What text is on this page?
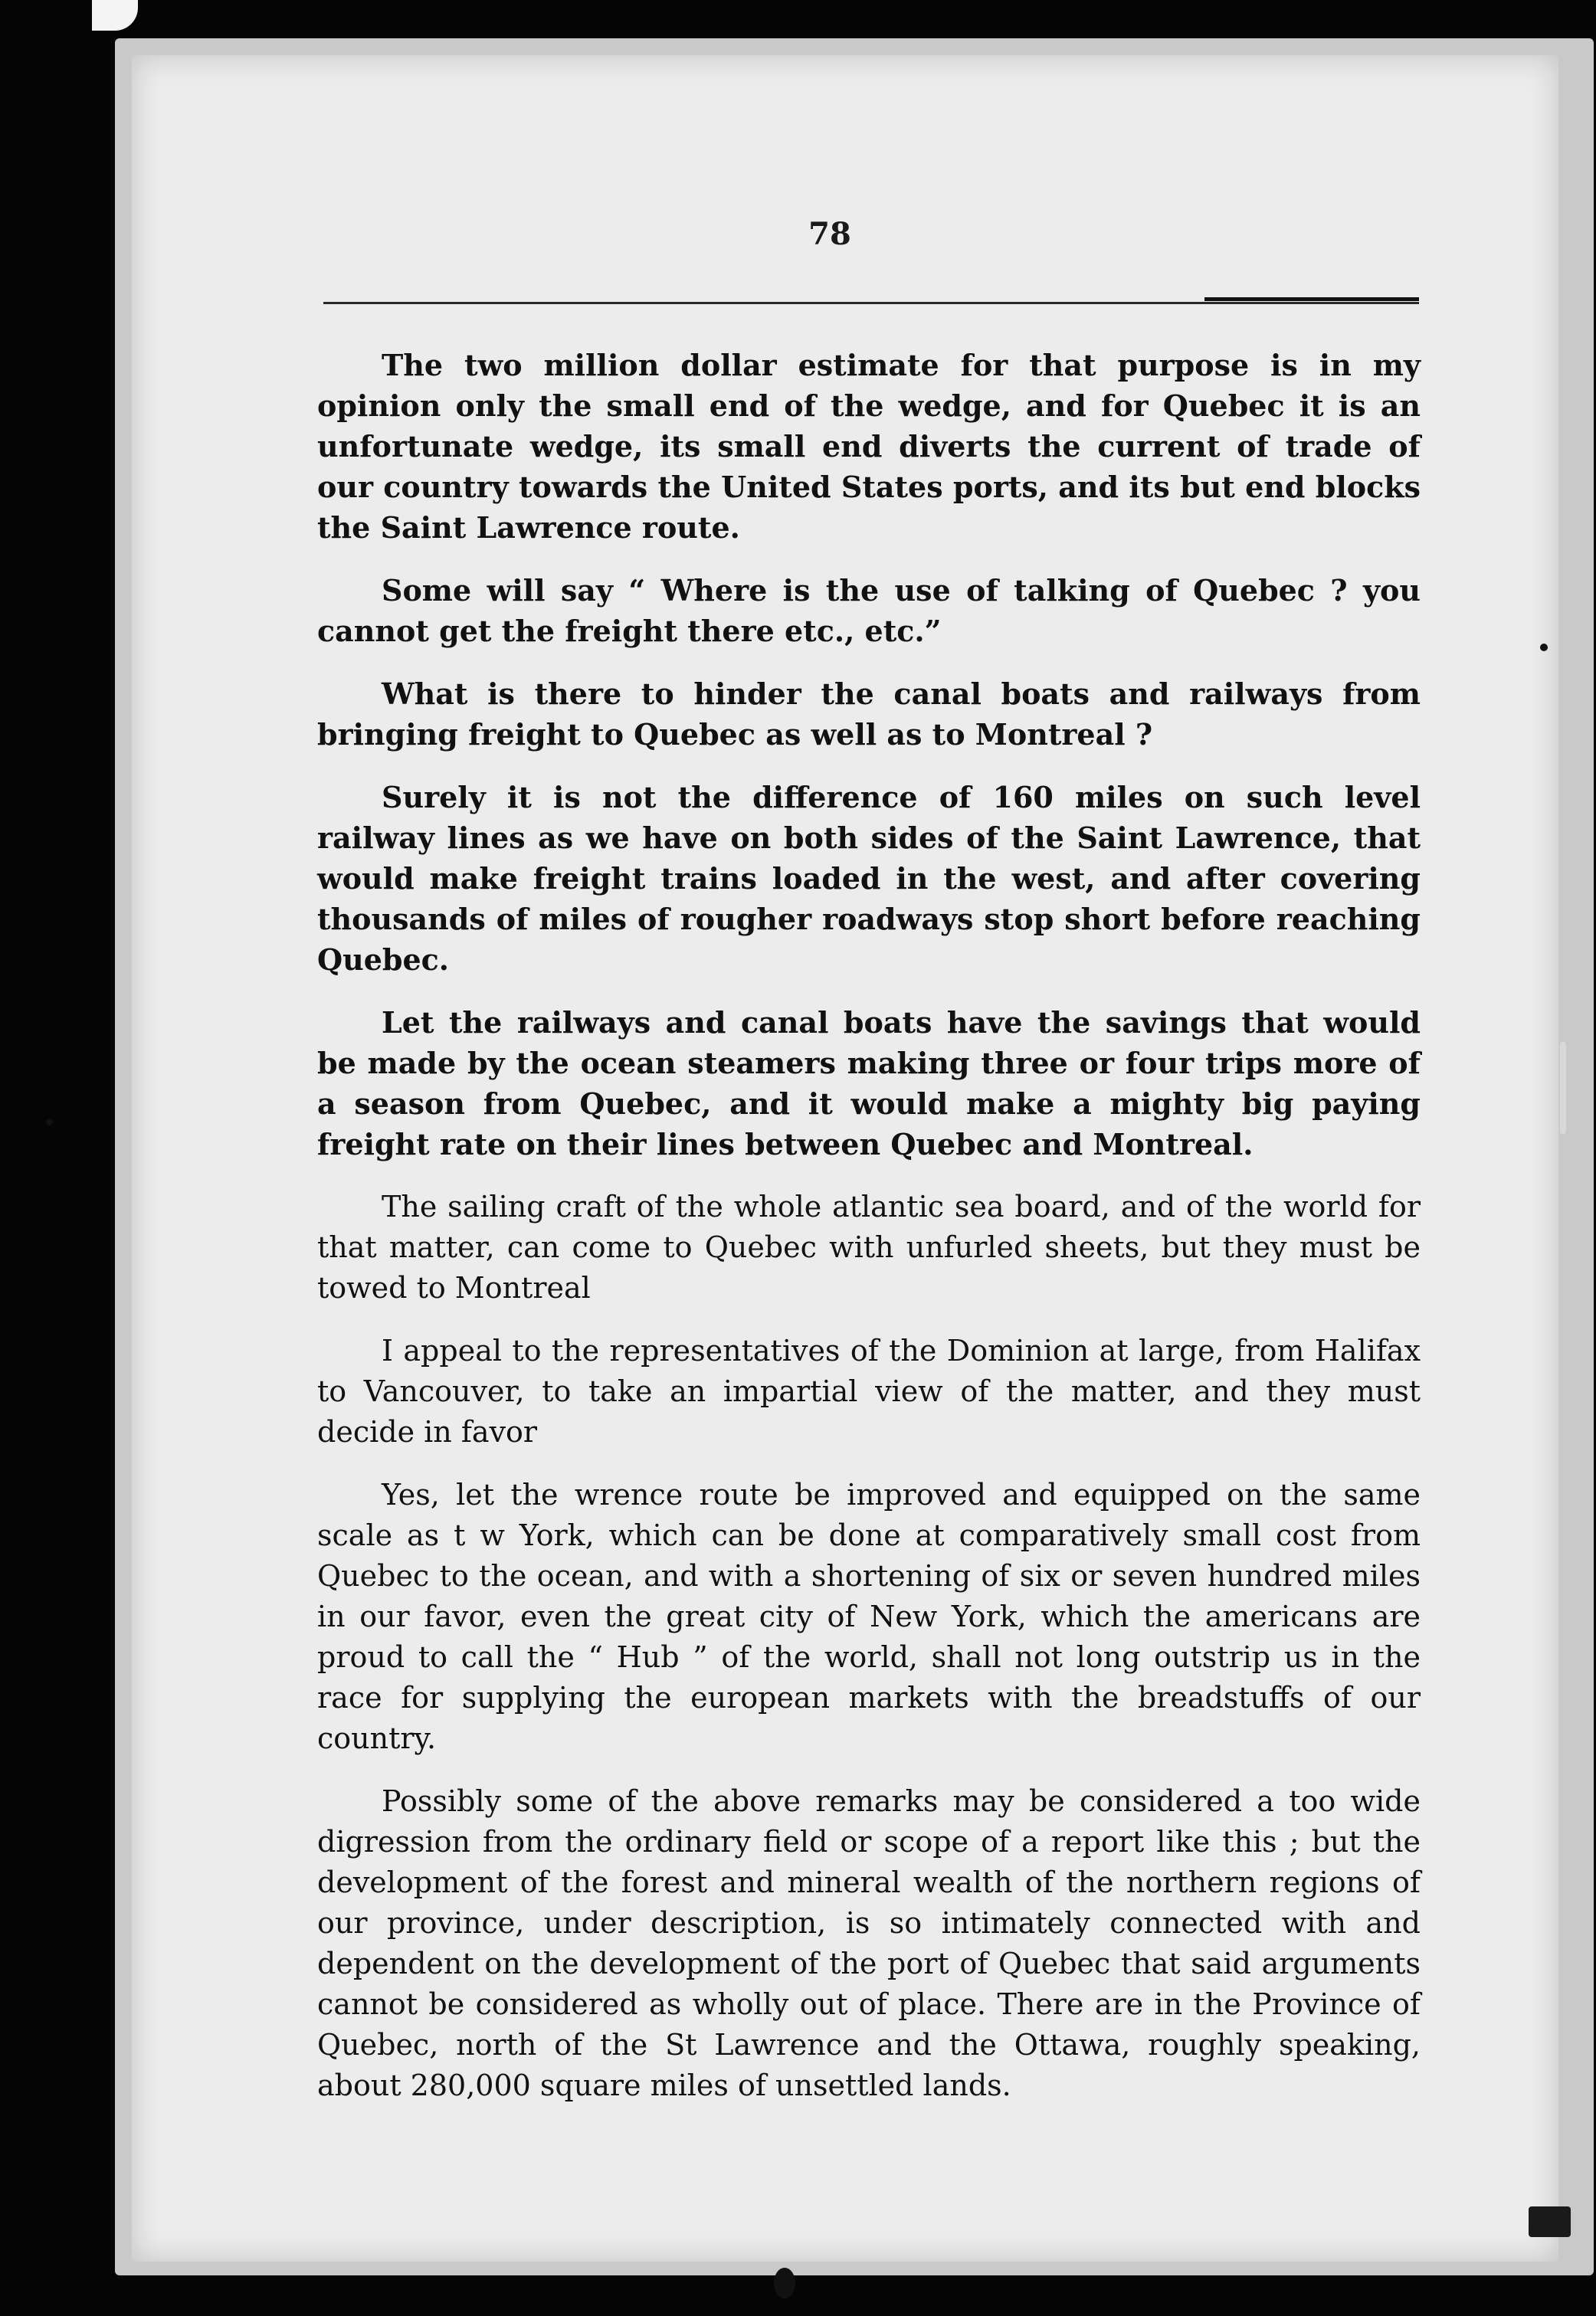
78

The two million dollar estimate for that purpose is in my opinion only the small end of the wedge, and for Quebec it is an unfortunate wedge, its small end diverts the current of trade of our country towards the United States ports, and its but end blocks the Saint Lawrence route.

Some will say “ Where is the use of talking of Quebec ? you cannot get the freight there etc., etc.”

What is there to hinder the canal boats and railways from bringing freight to Quebec as well as to Montreal ?

Surely it is not the difference of 160 miles on such level railway lines as we have on both sides of the Saint Lawrence, that would make freight trains loaded in the west, and after covering thousands of miles of rougher roadways stop short before reaching Quebec.

Let the railways and canal boats have the savings that would be made by the ocean steamers making three or four trips more of a season from Quebec, and it would make a mighty big paying freight rate on their lines between Quebec and Montreal.

The sailing craft of the whole atlantic sea board, and of the world for that matter, can come to Quebec with unfurled sheets, but they must be towed to Montreal

I appeal to the representatives of the Dominion at large, from Halifax to Vancouver, to take an impartial view of the matter, and they must decide in favor

Yes, let the wrence route be improved and equipped on the same scale as t w York, which can be done at comparatively small cost from Quebec to the ocean, and with a shortening of six or seven hundred miles in our favor, even the great city of New York, which the americans are proud to call the “ Hub ” of the world, shall not long outstrip us in the race for supplying the european markets with the breadstuffs of our country.

Possibly some of the above remarks may be considered a too wide digression from the ordinary field or scope of a report like this ; but the development of the forest and mineral wealth of the northern regions of our province, under description, is so intimately connected with and dependent on the development of the port of Quebec that said arguments cannot be considered as wholly out of place. There are in the Province of Quebec, north of the St Lawrence and the Ottawa, roughly speaking, about 280,000 square miles of unsettled lands.
